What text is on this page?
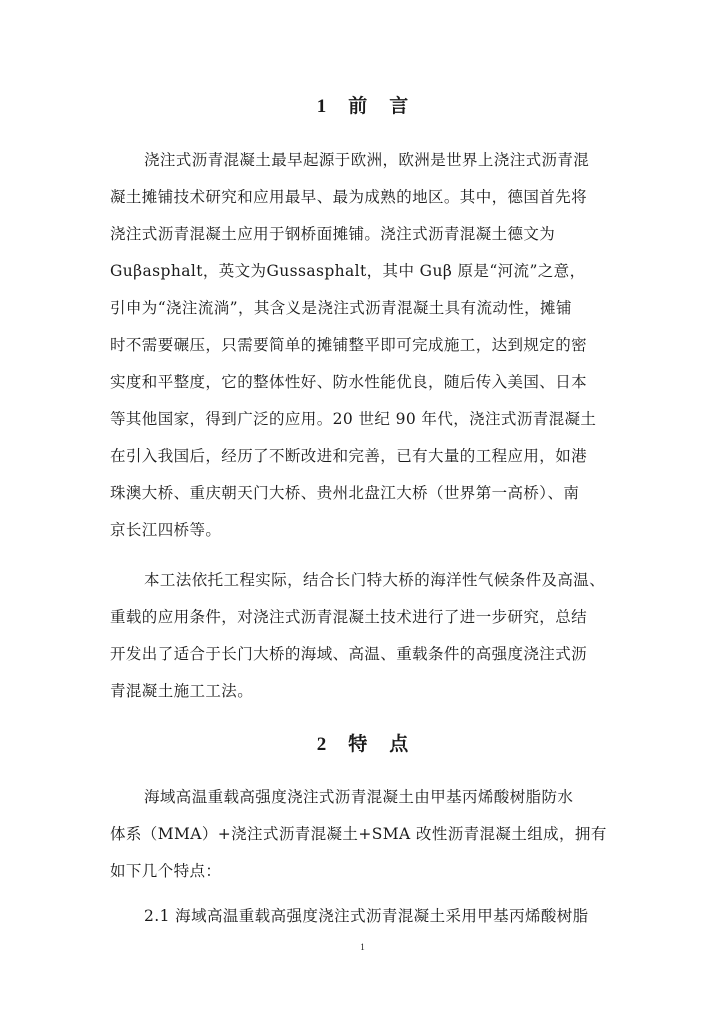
1 前 言
浇注式沥青混凝土最早起源于欧洲，欧洲是世界上浇注式沥青混
凝土摊铺技术研究和应用最早、最为成熟的地区。其中，德国首先将
浇注式沥青混凝土应用于钢桥面摊铺。浇注式沥青混凝土德文为
Guβasphalt，英文为Gussasphalt，其中 Guβ 原是“河流”之意，
引申为“浇注流淌”，其含义是浇注式沥青混凝土具有流动性，摊铺
时不需要碾压，只需要简单的摊铺整平即可完成施工，达到规定的密
实度和平整度，它的整体性好、防水性能优良，随后传入美国、日本
等其他国家，得到广泛的应用。20 世纪 90 年代，浇注式沥青混凝土
在引入我国后，经历了不断改进和完善，已有大量的工程应用，如港
珠澳大桥、重庆朝天门大桥、贵州北盘江大桥（世界第一高桥）、南
京长江四桥等。
本工法依托工程实际，结合长门特大桥的海洋性气候条件及高温、
重载的应用条件，对浇注式沥青混凝土技术进行了进一步研究，总结
开发出了适合于长门大桥的海域、高温、重载条件的高强度浇注式沥
青混凝土施工工法。
2 特 点
海域高温重载高强度浇注式沥青混凝土由甲基丙烯酸树脂防水
体系（MMA）+浇注式沥青混凝土+SMA 改性沥青混凝土组成，拥有
如下几个特点：
2.1 海域高温重载高强度浇注式沥青混凝土采用甲基丙烯酸树脂
1
